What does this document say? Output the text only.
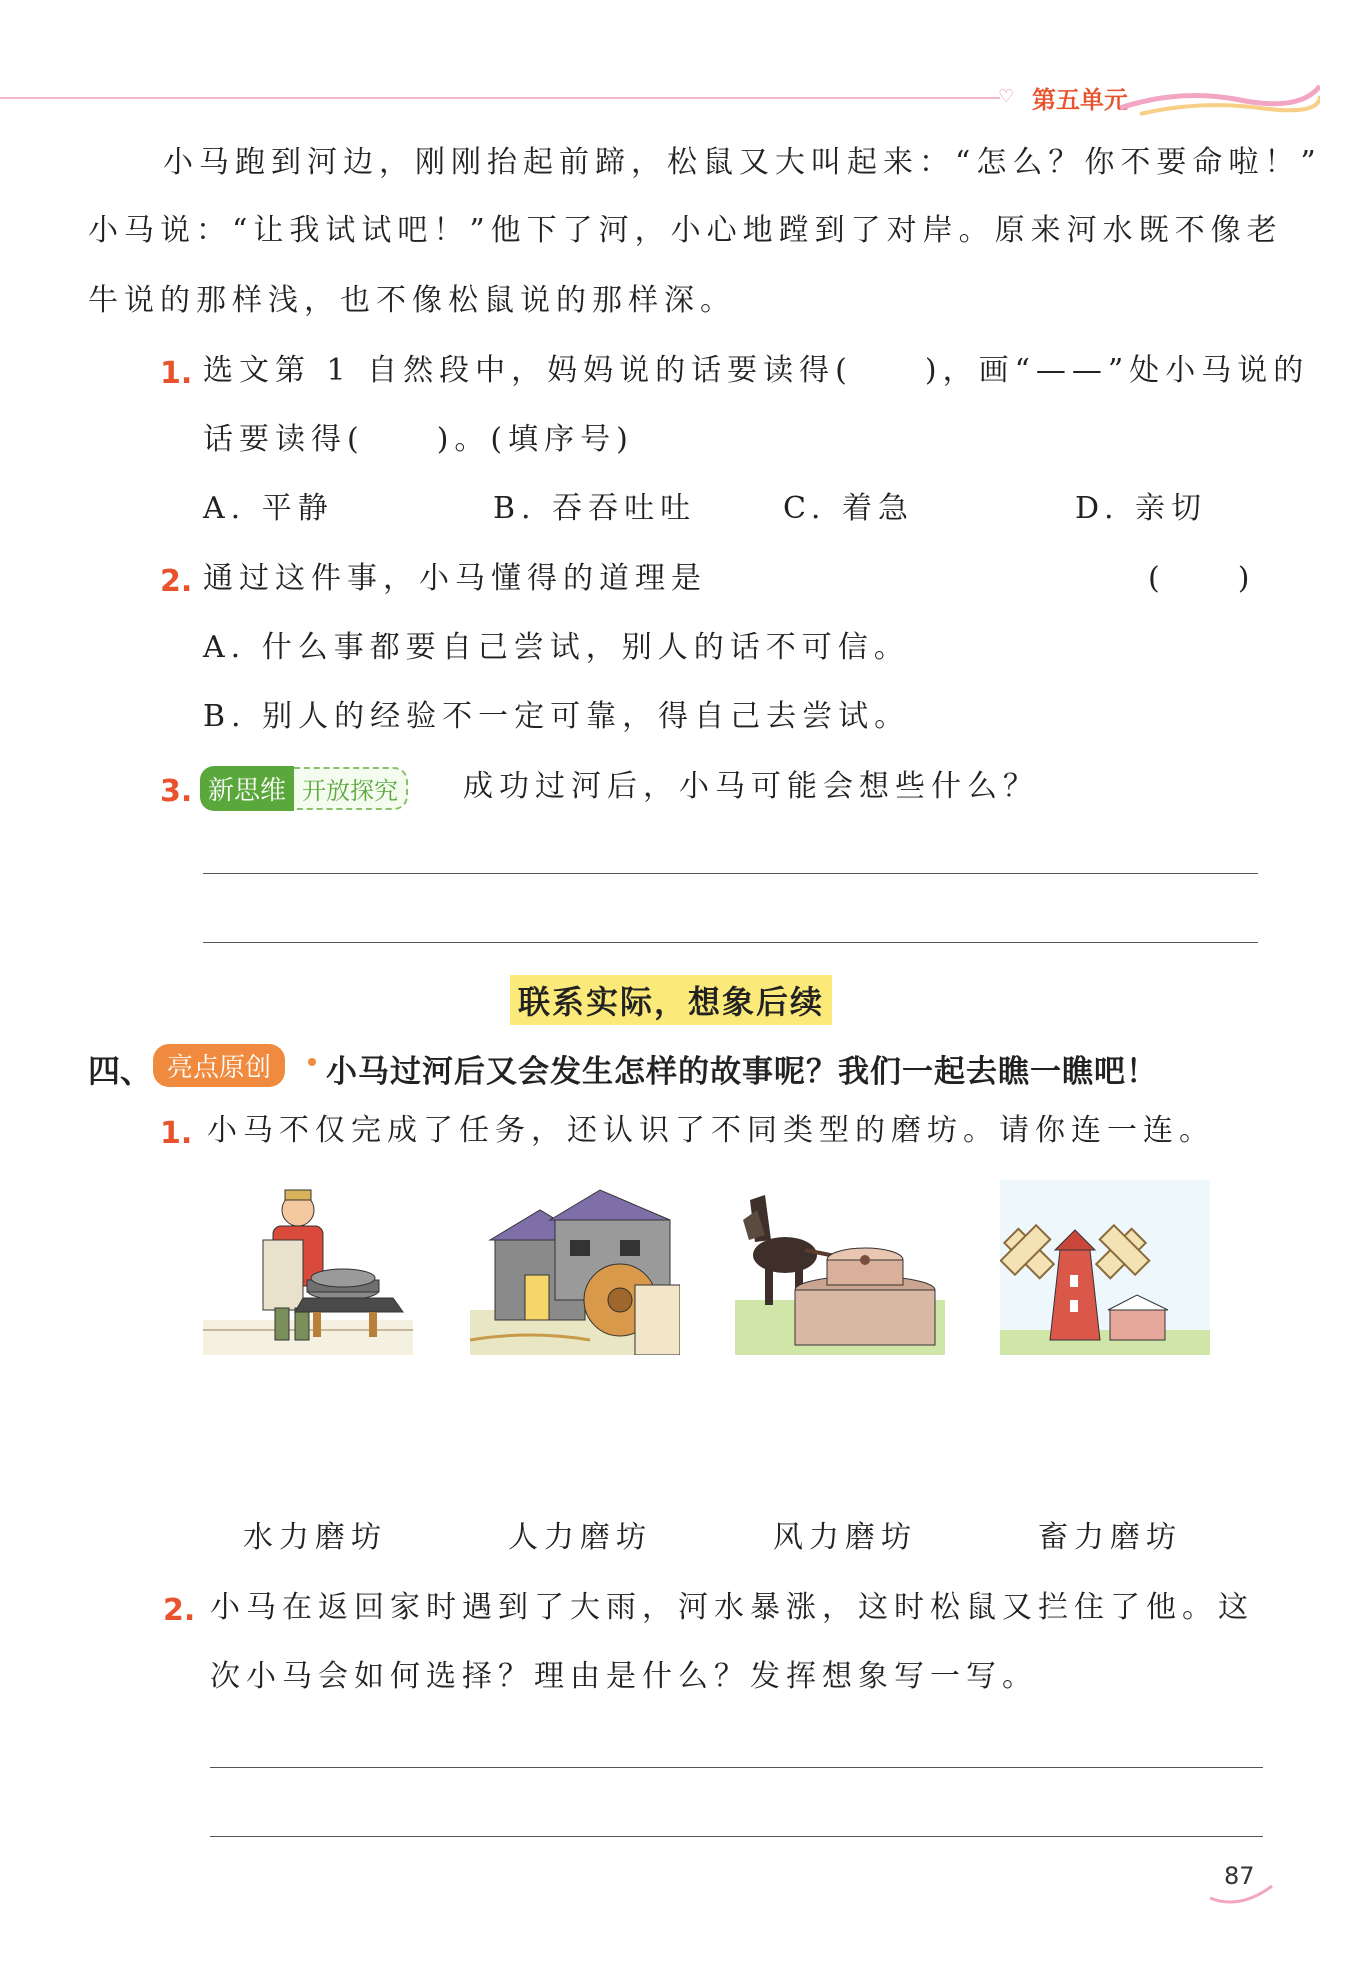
♡ 第五单元
小马跑到河边，刚刚抬起前蹄，松鼠又大叫起来：“怎么？你不要命啦！”
小马说：“让我试试吧！”他下了河，小心地蹚到了对岸。原来河水既不像老
牛说的那样浅，也不像松鼠说的那样深。
1. 选文第 1 自然段中，妈妈说的话要读得(　　)，画“——”处小马说的
话要读得(　　)。(填序号)
A. 平静	B. 吞吞吐吐	C. 着急	D. 亲切
2. 通过这件事，小马懂得的道理是	(　　)
A. 什么事都要自己尝试，别人的话不可信。
B. 别人的经验不一定可靠，得自己去尝试。
3. 新思维 开放探究	成功过河后，小马可能会想些什么？
联系实际，想象后续
四、 亮点原创	小马过河后又会发生怎样的故事呢？我们一起去瞧一瞧吧！
1. 小马不仅完成了任务，还认识了不同类型的磨坊。请你连一连。
水力磨坊	人力磨坊	风力磨坊	畜力磨坊
2. 小马在返回家时遇到了大雨，河水暴涨，这时松鼠又拦住了他。这
次小马会如何选择？理由是什么？发挥想象写一写。
87
